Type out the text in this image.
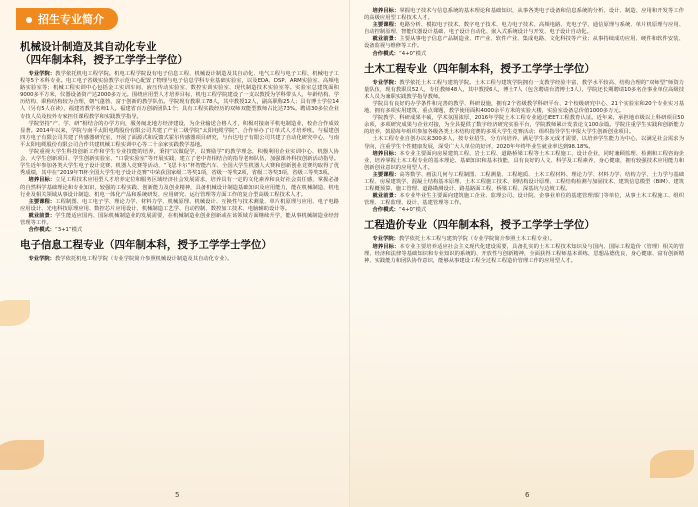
招生专业简介
机械设计制造及其自动化专业
（四年制本科，授予工学学士学位）

专业学院：教学依托机电工程学院。机电工程学院设有电子信息工程、机械设计制造及其自动化、电气工程与电子工程、机械电子工程等5个本科专业。电工电子省级实验教学示范中心配置了物理与电子信息学科专业基础实验室，以及EDA、DSP、ARM实验室、高频电路实验室等；机械工程实训中心包括金工实训车间、液压传动实验室、数控实训实验室、现代制造技术实验室等。实验室总建筑面积9000多平方米，仪器设备资产达2000多万元。围绕应用型人才培养目标，机电工程学院建设了一支以教授为学科带头人，年龄结构、学历结构、职称结构较为合理，朝气蓬勃、富于创新的教学队伍。学院现有教职工78人，其中教授12人，副高职称25人；具有博士学位14人（另有5人在读），福建省教学名师1人，福建省百万创新团队1个；具有工程实践经历的双师双能型教师占比达73%。聘请30多位企业专技人员及校外专家担任课程教学和实践教学指导。

学院坚持“产、学、研”相结合的办学方向，服务闽北地方经济建设，为企业输送合格人才，积极对接南平机电制造业，校企合作成效显著。2014年以来，学院与南平太阳电缆股份有限公司共建了产业二级学院“太阳电缆学院”，合作举办了订单式人才培养班。与福建创四方电子有限公司共建了传感器研究室，开展了面源式和反馈式霍尔传感器项目研究，与台达电子有限公司共建了自动化研究中心，与南平太阳电缆股份有限公司合作共建机械工程实训中心等二十余家实践教学基地。

学院重视大学生科技创新工作和学生专业技能的培养，秉持“以做促学，以赛励学”的教学理念，积极利用企业实训中心、机器人协会、大学生创新项目、学生创新实验室、“口袋实验室”等开展实践，建立了老中青相结合的指导老师队伍，加强课外科技创新活动指导。学生近年参加各类大学生电子设计竞赛、机器人竞赛等活动，“飞思卡尔”杯智能汽车、全国大学生机器人大赛和创新创业竞赛均取得了优秀成绩，其中在“2019年TI杯全国大学生电子设计竞赛”中荣获国家级二等奖1项，省级一等奖2项，省级二等奖3项，省级三等奖3项。

培养目标：立足工程技术应用型人才培养定位和服务区域经济社会发展需求，培养具有一定的文化素养和良好社会责任感，掌握必备的自然科学基础理论和专业知识，较强的工程实践、创新能力及创业精神，具备机械设计制造基础知识及应用能力，能在机械制造、机电行业及相关领域从事设计制造、机电一体化产品和系统研发、应用研究、运行管理等方面工作的复合型高级工程技术人才。

主要课程：工程制图、电工电子学、理论力学、材料力学、机械原理、机械设计、互换性与技术测量、单片机原理与应用、电子电路应用设计、光电科技原理应用、数控芯片应用设计、机械制造工艺学、自动控制、数控加工技术、电脑辅助设计等。

就业前景：学生能适应国内、国际机械制造业的发展需要，在机械制造业创业创新或在该领域方面继续升学，能从事机械制造业经营管理等工作。

合作模式：“3+1”模式

电子信息工程专业（四年制本科，授予工学学士学位）

专业学院：教学依托机电工程学院（专业学院简介参照机械设计制造及其自动化专业）。

5

培养目标：掌握电子技术与信息系统的基本理论和基础知识，从事各类电子设备和信息系统的分析、设计、制造、应用和开发等工作的高级应用型工程技术人才。

主要课程：电路分析、模拟电子技术、数字电子技术、电力电子技术、高频电路、光电子学、通信原理与系统、单片机原理与应用、自动控制原理、智能仪器设计基础、电子设计自动化、嵌入式系统设计与开发、电子设计自动化。

就业前景：主要从事电子信息产品制造业、IT产业、软件产业、集成电路、文化科技等产业；从事持续成功应用、硬件和软件安装、设备监视与维修等工作。

合作模式：“4+0”模式

土木工程专业（四年制本科，授予工学学士学位）

专业学院：教学依托土木工程与建筑学院。土木工程与建筑学院拥有一支教学经验丰富、教学水平较高、结构合理的“双师型”师资力量队伍，现有教职员52人，专任教师48人，其中教授6人，博士7人（包含聘请台湾博士3人），学院还长期聘请10多名企事业单位高级技术人员为兼职实践教学指导教师。

学院具有良好的办学条件和完善的教学、科研设施，拥有2个省级教学科研平台、2个校级研究中心、21个实验室和20个专业实习基地，拥有多项实用建筑、重点课题，教学使用面积4000余平方米的实验大楼，实验室设备总价值1000多万元。

学院教学、科研成果丰硕，学术氛围浓厚，2016年学院土木工程专业通过IEET工程教育认证。近年来，承担地市级以上科研项目50余项，多项研究成果与企业对接，为全县提供了数字经济研究实验平台，学院教师累计发表论文100余篇。学院注重学生实践和创新能力的培养，鼓励每年组织参加各级各类土木结构竞赛的多项大学生竞赛活动；组织指导学生申报大学生创新创业项目。

土木工程专业自创办以来300多人，按专业招生，分方向培养，满足学生多元成才需要，以培养学生能力为中心，以满足社会需求为导向，注重学生个性健康发展，深受广大人单位的好评，2020年年终毕业生就业率达到98.18%。

培养目标：本专业主要面向房屋建筑工程、岩土工程、道路桥梁工程等土木工程施工、设计企业，同时兼顾监理、检测和工程咨询企业，培养掌握土木工程专业的基本理论、基础知识和基本技能，具有良好的人文、科学及工程素养，身心健康，拥有较强技术应用能力和创新创业意识的应用型人才。

主要课程：高等数学、画法几何与工程制图、工程测量、工程地质、土木工程材料、理论力学、材料力学、结构力学、土力学与基础工程、房屋建筑学、混凝土结构基本原理、土木工程施工技术、钢结构设计原理、工程结构检测与加固技术、建筑信息模型（BIM）、建筑工程概预算、施工管理、道路勘测设计、路基路面工程、桥梁工程、深基坑与边坡工程。

就业前景：本专业毕业生主要面向建筑施工企业、监理公司、设计院、企事业单位的基建管理部门等单位，从事土木工程施工、组织管理、工程监理、设计、基建管理等工作。

合作模式：“4+0”模式

工程造价专业（四年制本科，授予工学学士学位）

专业学院：教学依托土木工程与建筑学院（专业学院简介参照土木工程专业）。

培养目标：本专业主要培养适应社会主义现代化建设需要，具备扎实的土木工程技术知识及与国内、国际工程造价（管理）相关的管理、经济和法律等基础知识和专业知识的系统的、开放性与创新精神，全面获得工程师基本训练，思想品德优良，身心健康、富有创新精神、实践能力和团队协作意识，能够从事建设工程全过程工程造价管理工作的应用型人才。

6
